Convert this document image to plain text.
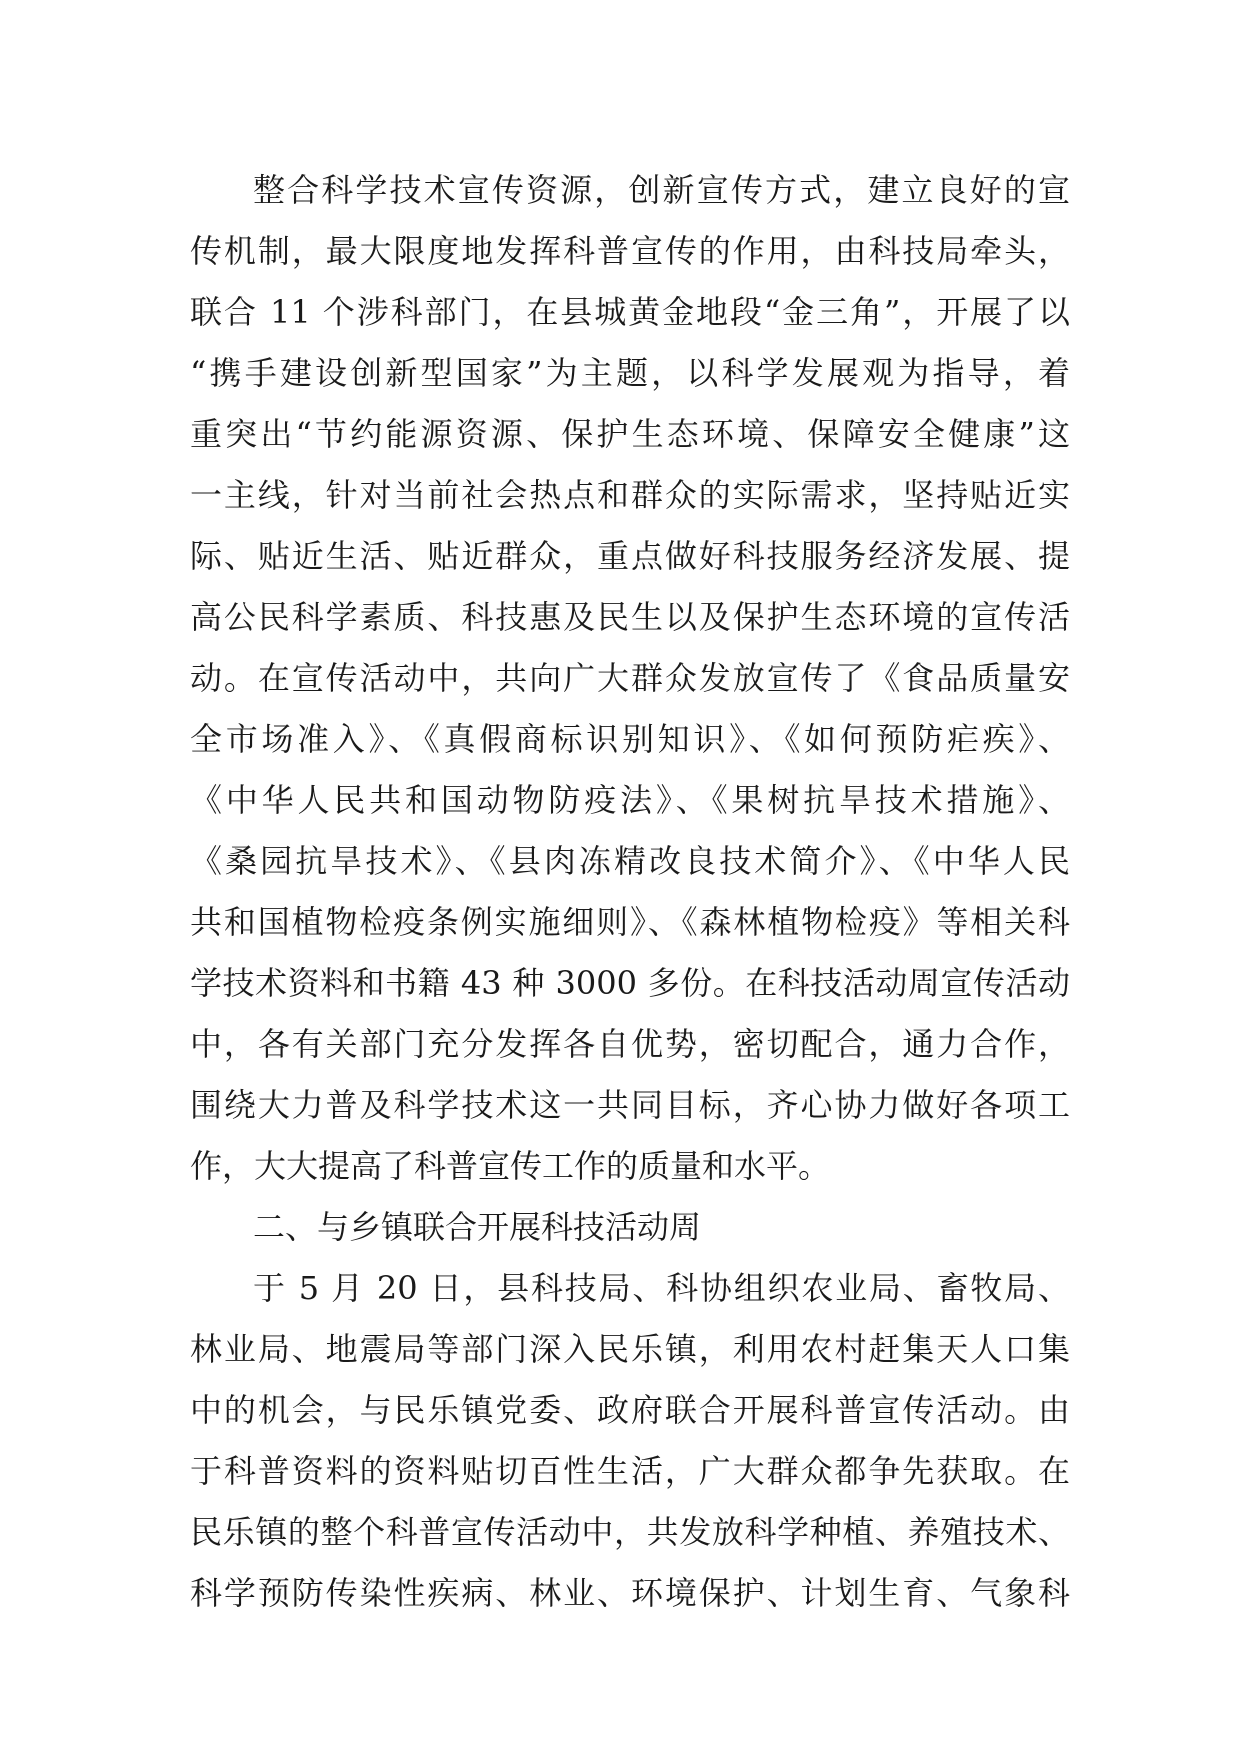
整合科学技术宣传资源，创新宣传方式，建立良好的宣
传机制，最大限度地发挥科普宣传的作用，由科技局牵头，
联合 11 个涉科部门，在县城黄金地段“金三角”，开展了以
“携手建设创新型国家”为主题，以科学发展观为指导，着
重突出“节约能源资源、保护生态环境、保障安全健康”这
一主线，针对当前社会热点和群众的实际需求，坚持贴近实
际、贴近生活、贴近群众，重点做好科技服务经济发展、提
高公民科学素质、科技惠及民生以及保护生态环境的宣传活
动。在宣传活动中，共向广大群众发放宣传了《食品质量安
全市场准入》、《真假商标识别知识》、《如何预防疟疾》、
《中华人民共和国动物防疫法》、《果树抗旱技术措施》、
《桑园抗旱技术》、《县肉冻精改良技术简介》、《中华人民
共和国植物检疫条例实施细则》、《森林植物检疫》等相关科
学技术资料和书籍 43 种 3000 多份。在科技活动周宣传活动
中，各有关部门充分发挥各自优势，密切配合，通力合作，
围绕大力普及科学技术这一共同目标，齐心协力做好各项工
作，大大提高了科普宣传工作的质量和水平。
二、与乡镇联合开展科技活动周
于 5 月 20 日，县科技局、科协组织农业局、畜牧局、
林业局、地震局等部门深入民乐镇，利用农村赶集天人口集
中的机会，与民乐镇党委、政府联合开展科普宣传活动。由
于科普资料的资料贴切百性生活，广大群众都争先获取。在
民乐镇的整个科普宣传活动中，共发放科学种植、养殖技术、
科学预防传染性疾病、林业、环境保护、计划生育、气象科
